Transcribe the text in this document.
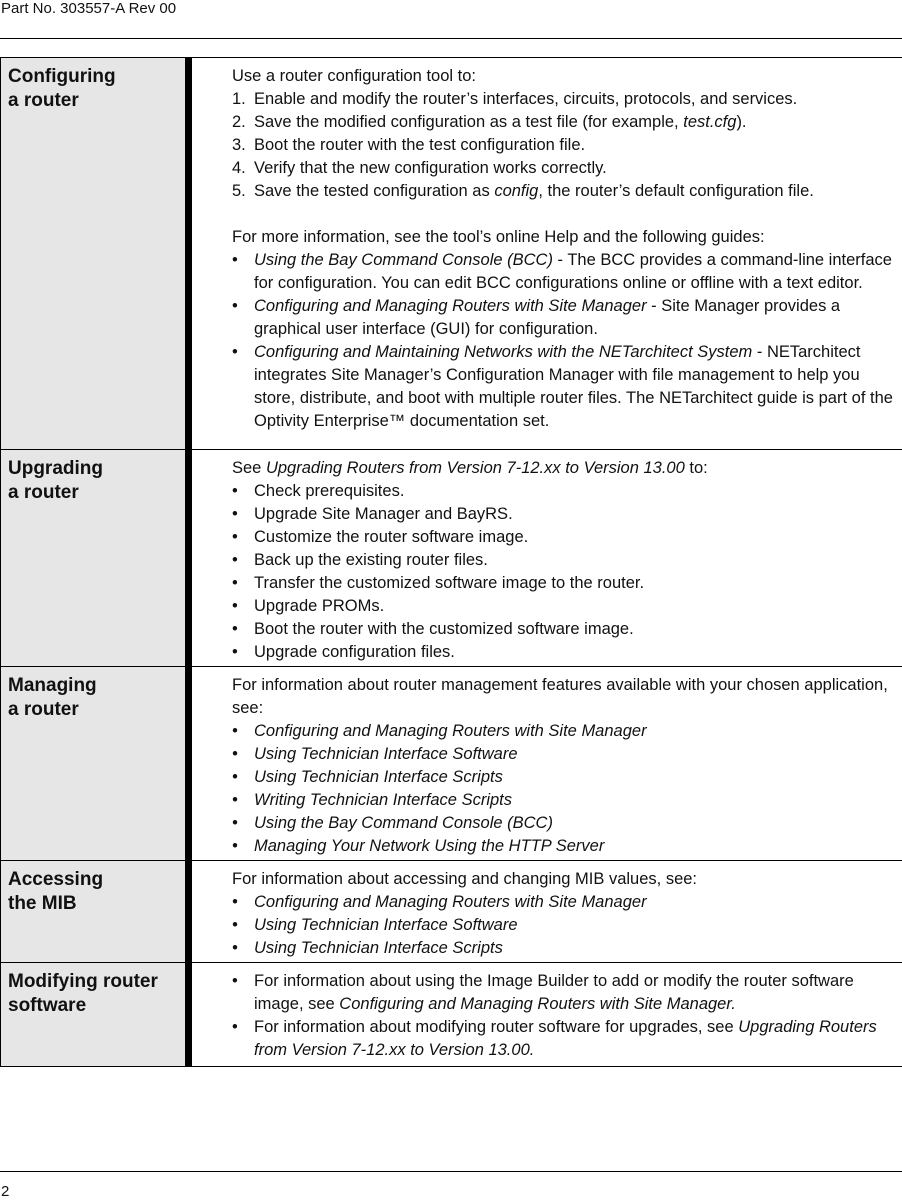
Part No. 303557-A Rev 00
Configuring
a router
Use a router configuration tool to:
1. Enable and modify the router’s interfaces, circuits, protocols, and services.
2. Save the modified configuration as a test file (for example, test.cfg).
3. Boot the router with the test configuration file.
4. Verify that the new configuration works correctly.
5. Save the tested configuration as config, the router’s default configuration file.
For more information, see the tool’s online Help and the following guides:
• Using the Bay Command Console (BCC) - The BCC provides a command-line interface for configuration. You can edit BCC configurations online or offline with a text editor.
• Configuring and Managing Routers with Site Manager - Site Manager provides a graphical user interface (GUI) for configuration.
• Configuring and Maintaining Networks with the NETarchitect System - NETarchitect integrates Site Manager’s Configuration Manager with file management to help you store, distribute, and boot with multiple router files. The NETarchitect guide is part of the Optivity Enterprise™ documentation set.
Upgrading
a router
See Upgrading Routers from Version 7-12.xx to Version 13.00 to:
• Check prerequisites.
• Upgrade Site Manager and BayRS.
• Customize the router software image.
• Back up the existing router files.
• Transfer the customized software image to the router.
• Upgrade PROMs.
• Boot the router with the customized software image.
• Upgrade configuration files.
Managing
a router
For information about router management features available with your chosen application, see:
• Configuring and Managing Routers with Site Manager
• Using Technician Interface Software
• Using Technician Interface Scripts
• Writing Technician Interface Scripts
• Using the Bay Command Console (BCC)
• Managing Your Network Using the HTTP Server
Accessing
the MIB
For information about accessing and changing MIB values, see:
• Configuring and Managing Routers with Site Manager
• Using Technician Interface Software
• Using Technician Interface Scripts
Modifying router
software
• For information about using the Image Builder to add or modify the router software image, see Configuring and Managing Routers with Site Manager.
• For information about modifying router software for upgrades, see Upgrading Routers from Version 7-12.xx to Version 13.00.
2
